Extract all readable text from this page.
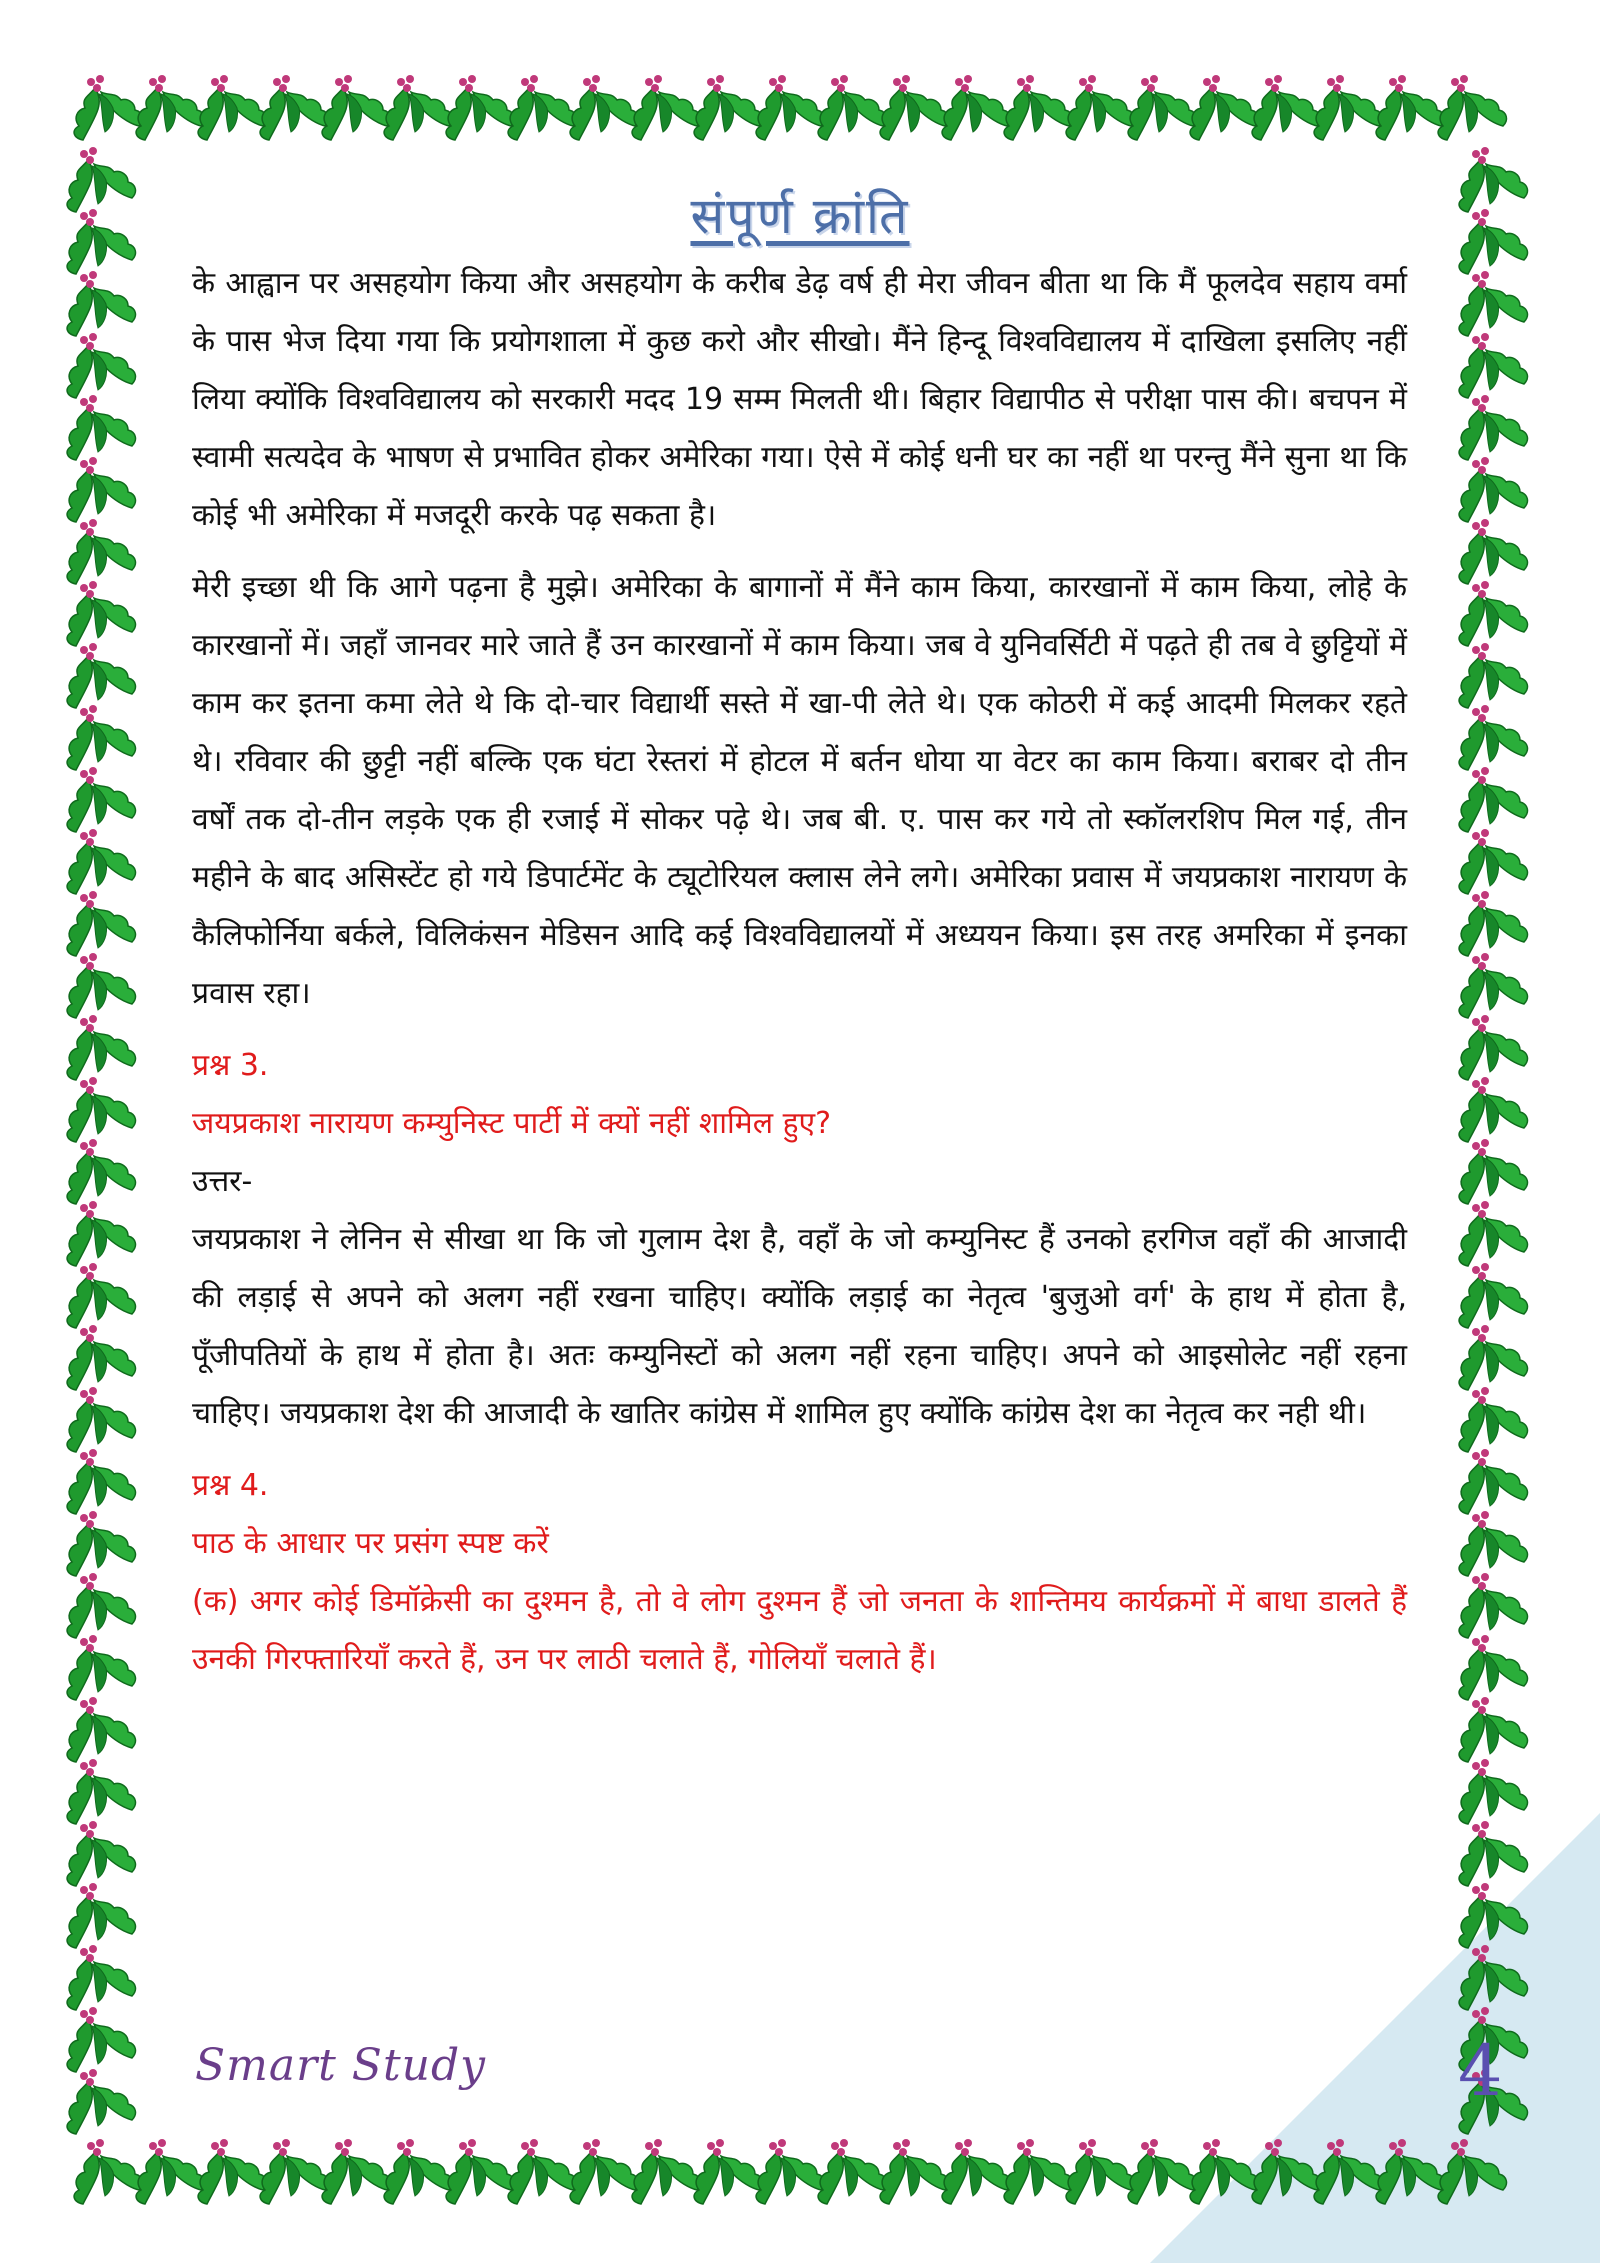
संपूर्ण क्रांति

के आह्वान पर असहयोग किया और असहयोग के करीब डेढ़ वर्ष ही मेरा जीवन बीता था कि मैं फूलदेव सहाय वर्मा के पास भेज दिया गया कि प्रयोगशाला में कुछ करो और सीखो। मैंने हिन्दू विश्वविद्यालय में दाखिला इसलिए नहीं लिया क्योंकि विश्वविद्यालय को सरकारी मदद 19 सम्म मिलती थी। बिहार विद्यापीठ से परीक्षा पास की। बचपन में स्वामी सत्यदेव के भाषण से प्रभावित होकर अमेरिका गया। ऐसे में कोई धनी घर का नहीं था परन्तु मैंने सुना था कि कोई भी अमेरिका में मजदूरी करके पढ़ सकता है।

मेरी इच्छा थी कि आगे पढ़ना है मुझे। अमेरिका के बागानों में मैंने काम किया, कारखानों में काम किया, लोहे के कारखानों में। जहाँ जानवर मारे जाते हैं उन कारखानों में काम किया। जब वे युनिवर्सिटी में पढ़ते ही तब वे छुट्टियों में काम कर इतना कमा लेते थे कि दो-चार विद्यार्थी सस्ते में खा-पी लेते थे। एक कोठरी में कई आदमी मिलकर रहते थे। रविवार की छुट्टी नहीं बल्कि एक घंटा रेस्तरां में होटल में बर्तन धोया या वेटर का काम किया। बराबर दो तीन वर्षों तक दो-तीन लड़के एक ही रजाई में सोकर पढ़े थे। जब बी. ए. पास कर गये तो स्कॉलरशिप मिल गई, तीन महीने के बाद असिस्टेंट हो गये डिपार्टमेंट के ट्यूटोरियल क्लास लेने लगे। अमेरिका प्रवास में जयप्रकाश नारायण के कैलिफोर्निया बर्कले, विलिकंसन मेडिसन आदि कई विश्वविद्यालयों में अध्ययन किया। इस तरह अमरिका में इनका प्रवास रहा।

प्रश्न 3.

जयप्रकाश नारायण कम्युनिस्ट पार्टी में क्यों नहीं शामिल हुए?

उत्तर-

जयप्रकाश ने लेनिन से सीखा था कि जो गुलाम देश है, वहाँ के जो कम्युनिस्ट हैं उनको हरगिज वहाँ की आजादी की लड़ाई से अपने को अलग नहीं रखना चाहिए। क्योंकि लड़ाई का नेतृत्व 'बुजुओ वर्ग' के हाथ में होता है, पूँजीपतियों के हाथ में होता है। अतः कम्युनिस्टों को अलग नहीं रहना चाहिए। अपने को आइसोलेट नहीं रहना चाहिए। जयप्रकाश देश की आजादी के खातिर कांग्रेस में शामिल हुए क्योंकि कांग्रेस देश का नेतृत्व कर नही थी।

प्रश्न 4.

पाठ के आधार पर प्रसंग स्पष्ट करें

(क) अगर कोई डिमॉक्रेसी का दुश्मन है, तो वे लोग दुश्मन हैं जो जनता के शान्तिमय कार्यक्रमों में बाधा डालते हैं उनकी गिरफ्तारियाँ करते हैं, उन पर लाठी चलाते हैं, गोलियाँ चलाते हैं।

Smart Study	4
